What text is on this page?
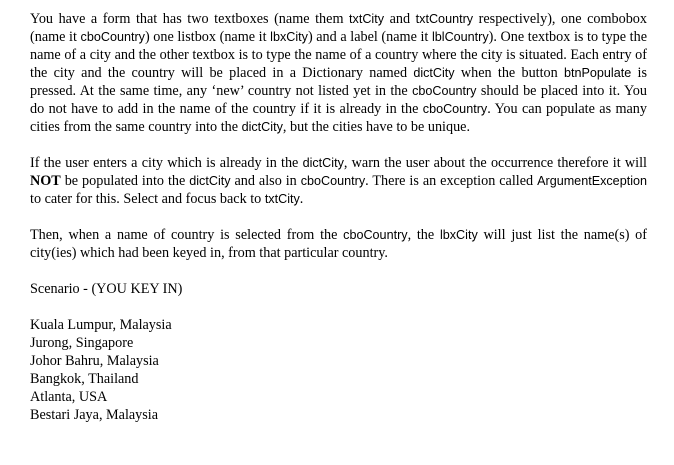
You have a form that has two textboxes (name them txtCity and txtCountry respectively), one combobox (name it cboCountry) one listbox (name it lbxCity) and a label (name it lblCountry). One textbox is to type the name of a city and the other textbox is to type the name of a country where the city is situated. Each entry of the city and the country will be placed in a Dictionary named dictCity when the button btnPopulate is pressed. At the same time, any ‘new’ country not listed yet in the cboCountry should be placed into it. You do not have to add in the name of the country if it is already in the cboCountry. You can populate as many cities from the same country into the dictCity, but the cities have to be unique.

If the user enters a city which is already in the dictCity, warn the user about the occurrence therefore it will NOT be populated into the dictCity and also in cboCountry. There is an exception called ArgumentException to cater for this. Select and focus back to txtCity.

Then, when a name of country is selected from the cboCountry, the lbxCity will just list the name(s) of city(ies) which had been keyed in, from that particular country.

Scenario - (YOU KEY IN)

Kuala Lumpur, Malaysia
Jurong, Singapore
Johor Bahru, Malaysia
Bangkok, Thailand
Atlanta, USA
Bestari Jaya, Malaysia
